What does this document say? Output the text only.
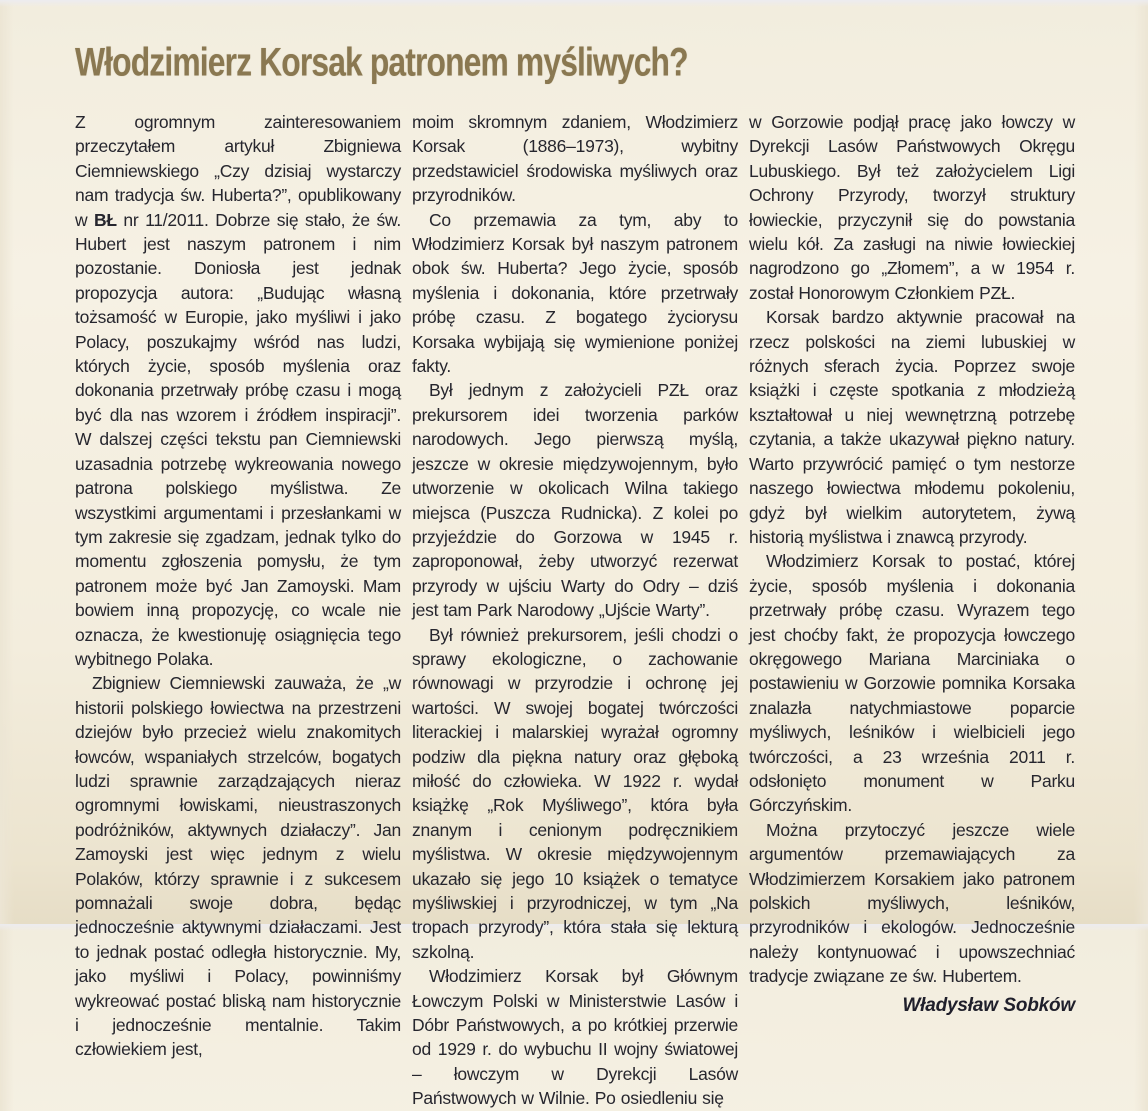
Włodzimierz Korsak patronem myśliwych?

Z ogromnym zainteresowaniem przeczytałem artykuł Zbigniewa Ciemniewskiego „Czy dzisiaj wystarczy nam tradycja św. Huberta?”, opublikowany w BŁ nr 11/2011. Dobrze się stało, że św. Hubert jest naszym patronem i nim pozostanie. Doniosła jest jednak propozycja autora: „Budując własną tożsamość w Europie, jako myśliwi i jako Polacy, poszukajmy wśród nas ludzi, których życie, sposób myślenia oraz dokonania przetrwały próbę czasu i mogą być dla nas wzorem i źródłem inspiracji”. W dalszej części tekstu pan Ciemniewski uzasadnia potrzebę wykreowania nowego patrona polskiego myślistwa. Ze wszystkimi argumentami i przesłankami w tym zakresie się zgadzam, jednak tylko do momentu zgłoszenia pomysłu, że tym patronem może być Jan Zamoyski. Mam bowiem inną propozycję, co wcale nie oznacza, że kwestionuję osiągnięcia tego wybitnego Polaka.

Zbigniew Ciemniewski zauważa, że „w historii polskiego łowiectwa na przestrzeni dziejów było przecież wielu znakomitych łowców, wspaniałych strzelców, bogatych ludzi sprawnie zarządzających nieraz ogromnymi łowiskami, nieustraszonych podróżników, aktywnych działaczy”. Jan Zamoyski jest więc jednym z wielu Polaków, którzy sprawnie i z sukcesem pomnażali swoje dobra, będąc jednocześnie aktywnymi działaczami. Jest to jednak postać odległa historycznie. My, jako myśliwi i Polacy, powinniśmy wykreować postać bliską nam historycznie i jednocześnie mentalnie. Takim człowiekiem jest,

moim skromnym zdaniem, Włodzimierz Korsak (1886–1973), wybitny przedstawiciel środowiska myśliwych oraz przyrodników.

Co przemawia za tym, aby to Włodzimierz Korsak był naszym patronem obok św. Huberta? Jego życie, sposób myślenia i dokonania, które przetrwały próbę czasu. Z bogatego życiorysu Korsaka wybijają się wymienione poniżej fakty.

Był jednym z założycieli PZŁ oraz prekursorem idei tworzenia parków narodowych. Jego pierwszą myślą, jeszcze w okresie międzywojennym, było utworzenie w okolicach Wilna takiego miejsca (Puszcza Rudnicka). Z kolei po przyjeździe do Gorzowa w 1945 r. zaproponował, żeby utworzyć rezerwat przyrody w ujściu Warty do Odry – dziś jest tam Park Narodowy „Ujście Warty”.

Był również prekursorem, jeśli chodzi o sprawy ekologiczne, o zachowanie równowagi w przyrodzie i ochronę jej wartości. W swojej bogatej twórczości literackiej i malarskiej wyrażał ogromny podziw dla piękna natury oraz głęboką miłość do człowieka. W 1922 r. wydał książkę „Rok Myśliwego”, która była znanym i cenionym podręcznikiem myślistwa. W okresie międzywojennym ukazało się jego 10 książek o tematyce myśliwskiej i przyrodniczej, w tym „Na tropach przyrody”, która stała się lekturą szkolną.

Włodzimierz Korsak był Głównym Łowczym Polski w Ministerstwie Lasów i Dóbr Państwowych, a po krótkiej przerwie od 1929 r. do wybuchu II wojny światowej – łowczym w Dyrekcji Lasów Państwowych w Wilnie. Po osiedleniu się

w Gorzowie podjął pracę jako łowczy w Dyrekcji Lasów Państwowych Okręgu Lubuskiego. Był też założycielem Ligi Ochrony Przyrody, tworzył struktury łowieckie, przyczynił się do powstania wielu kół. Za zasługi na niwie łowieckiej nagrodzono go „Złomem”, a w 1954 r. został Honorowym Członkiem PZŁ.

Korsak bardzo aktywnie pracował na rzecz polskości na ziemi lubuskiej w różnych sferach życia. Poprzez swoje książki i częste spotkania z młodzieżą kształtował u niej wewnętrzną potrzebę czytania, a także ukazywał piękno natury. Warto przywrócić pamięć o tym nestorze naszego łowiectwa młodemu pokoleniu, gdyż był wielkim autorytetem, żywą historią myślistwa i znawcą przyrody.

Włodzimierz Korsak to postać, której życie, sposób myślenia i dokonania przetrwały próbę czasu. Wyrazem tego jest choćby fakt, że propozycja łowczego okręgowego Mariana Marciniaka o postawieniu w Gorzowie pomnika Korsaka znalazła natychmiastowe poparcie myśliwych, leśników i wielbicieli jego twórczości, a 23 września 2011 r. odsłonięto monument w Parku Górczyńskim.

Można przytoczyć jeszcze wiele argumentów przemawiających za Włodzimierzem Korsakiem jako patronem polskich myśliwych, leśników, przyrodników i ekologów. Jednocześnie należy kontynuować i upowszechniać tradycje związane ze św. Hubertem.

Władysław Sobków
